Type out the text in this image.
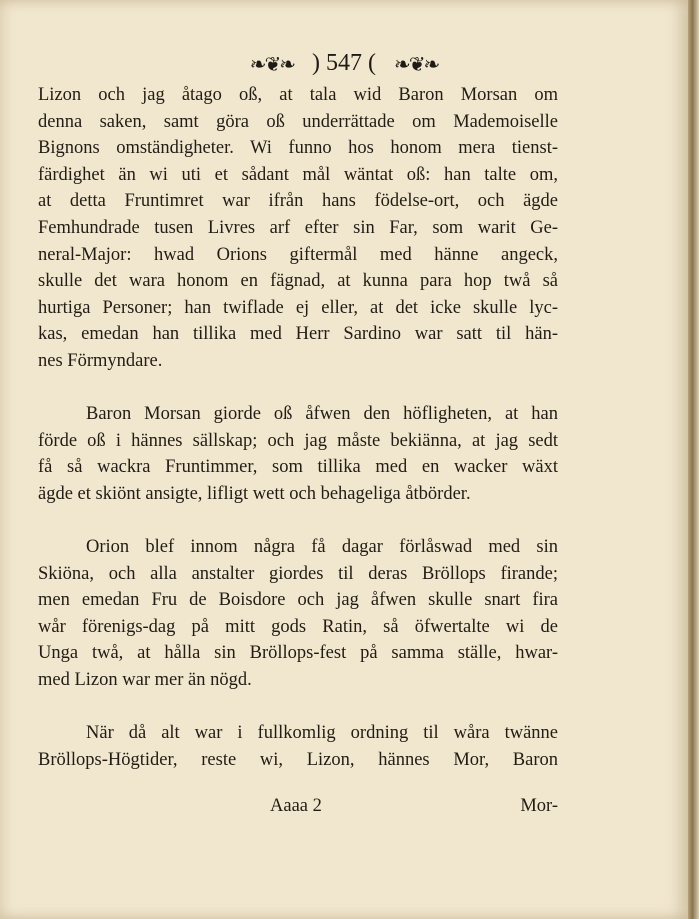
❧❦❧ ) 547 ( ❧❦❧
Lizon och jag åtago oß, at tala wid Baron Morsan om
denna saken, samt göra oß underrättade om Mademoiselle
Bignons omständigheter. Wi funno hos honom mera tienst-
färdighet än wi uti et sådant mål wäntat oß: han talte om,
at detta Fruntimret war ifrån hans födelse-ort, och ägde
Femhundrade tusen Livres arf efter sin Far, som warit Ge-
neral-Major: hwad Orions giftermål med hänne angeck,
skulle det wara honom en fägnad, at kunna para hop twå så
hurtiga Personer; han twiflade ej eller, at det icke skulle lyc-
kas, emedan han tillika med Herr Sardino war satt til hän-
nes Förmyndare.
Baron Morsan giorde oß åfwen den höfligheten, at han
förde oß i hännes sällskap; och jag måste bekiänna, at jag sedt
få så wackra Fruntimmer, som tillika med en wacker wäxt
ägde et skiönt ansigte, lifligt wett och behageliga åtbörder.
Orion blef innom några få dagar förlåswad med sin
Skiöna, och alla anstalter giordes til deras Bröllops firande;
men emedan Fru de Boisdore och jag åfwen skulle snart fira
wår förenigs-dag på mitt gods Ratin, så öfwertalte wi de
Unga twå, at hålla sin Bröllops-fest på samma ställe, hwar-
med Lizon war mer än nögd.
När då alt war i fullkomlig ordning til wåra twänne
Bröllops-Högtider, reste wi, Lizon, hännes Mor, Baron
Aaaa 2	Mor-
